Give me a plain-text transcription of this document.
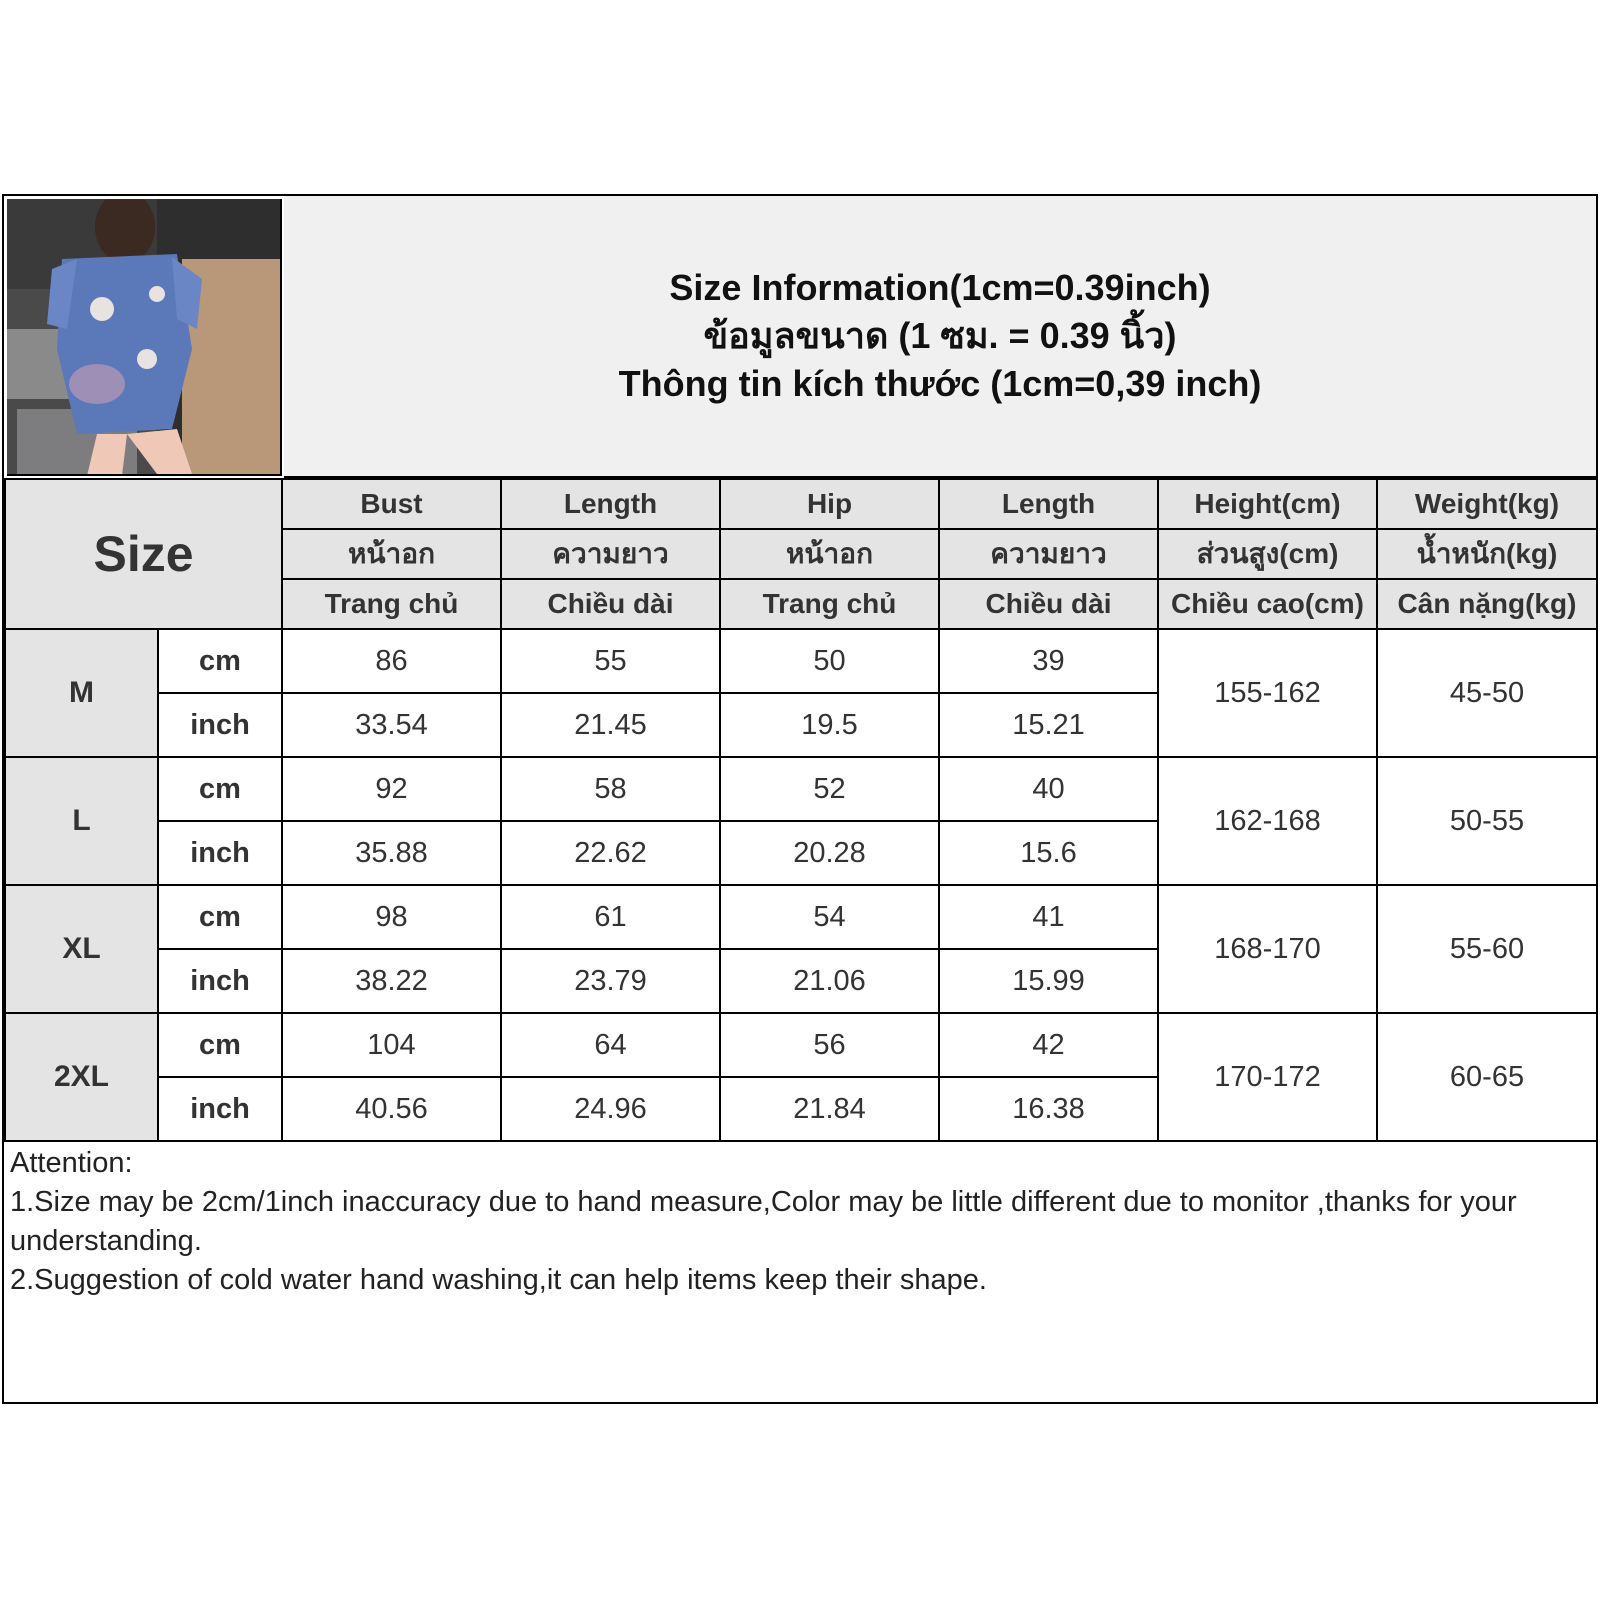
Size Information(1cm=0.39inch)
ข้อมูลขนาด (1 ซม. = 0.39 นิ้ว)
Thông tin kích thước (1cm=0,39 inch)
Size		Bust	Length	Hip	Length	Height(cm)	Weight(kg)
		หน้าอก	ความยาว	หน้าอก	ความยาว	ส่วนสูง(cm)	น้ำหนัก(kg)
		Trang chủ	Chiều dài	Trang chủ	Chiều dài	Chiều cao(cm)	Cân nặng(kg)
M	cm	86	55	50	39	155-162	45-50
	inch	33.54	21.45	19.5	15.21		
L	cm	92	58	52	40	162-168	50-55
	inch	35.88	22.62	20.28	15.6		
XL	cm	98	61	54	41	168-170	55-60
	inch	38.22	23.79	21.06	15.99		
2XL	cm	104	64	56	42	170-172	60-65
	inch	40.56	24.96	21.84	16.38		

Attention:

1.Size may be 2cm/1inch inaccuracy due to hand measure,Color may be little different due to monitor ,thanks for your understanding.

2.Suggestion of cold water hand washing,it can help items keep their shape.
